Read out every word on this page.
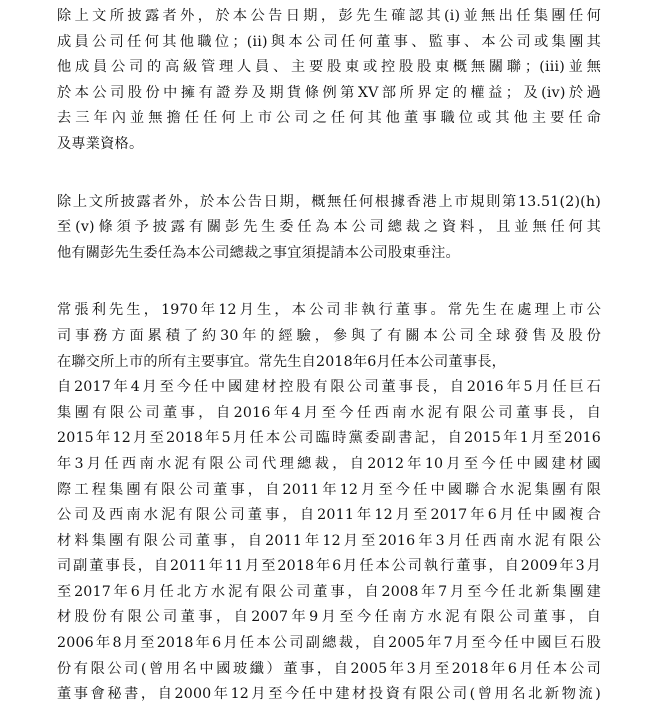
除上文所披露者外，於本公告日期，彭先生確認其(i)並無出任集團任何
成員公司任何其他職位；(ii)與本公司任何董事、監事、本公司或集團其
他成員公司的高級管理人員、主要股東或控股股東概無關聯；(iii)並無
於本公司股份中擁有證券及期貨條例第XV部所界定的權益；及(iv)於過
去三年內並無擔任任何上市公司之任何其他董事職位或其他主要任命
及專業資格。
除上文所披露者外，於本公告日期，概無任何根據香港上市規則第13.51(2)(h)
至(v)條須予披露有關彭先生委任為本公司總裁之資料，且並無任何其
他有關彭先生委任為本公司總裁之事宜須提請本公司股東垂注。
常張利先生，1970年12月生，本公司非執行董事。常先生在處理上市公
司事務方面累積了約30年的經驗，參與了有關本公司全球發售及股份
在聯交所上市的所有主要事宜。常先生自2018年6月任本公司董事長，
自2017年4月至今任中國建材控股有限公司董事長，自2016年5月任巨石
集團有限公司董事，自2016年4月至今任西南水泥有限公司董事長，自
2015年12月至2018年5月任本公司臨時黨委副書記，自2015年1月至2016
年3月任西南水泥有限公司代理總裁，自2012年10月至今任中國建材國
際工程集團有限公司董事，自2011年12月至今任中國聯合水泥集團有限
公司及西南水泥有限公司董事，自2011年12月至2017年6月任中國複合
材料集團有限公司董事，自2011年12月至2016年3月任西南水泥有限公
司副董事長，自2011年11月至2018年6月任本公司執行董事，自2009年3月
至2017年6月任北方水泥有限公司董事，自2008年7月至今任北新集團建
材股份有限公司董事，自2007年9月至今任南方水泥有限公司董事，自
2006年8月至2018年6月任本公司副總裁，自2005年7月至今任中國巨石股
份有限公司(曾用名中國玻纖）董事，自2005年3月至2018年6月任本公司
董事會秘書，自2000年12月至今任中建材投資有限公司(曾用名北新物流)
